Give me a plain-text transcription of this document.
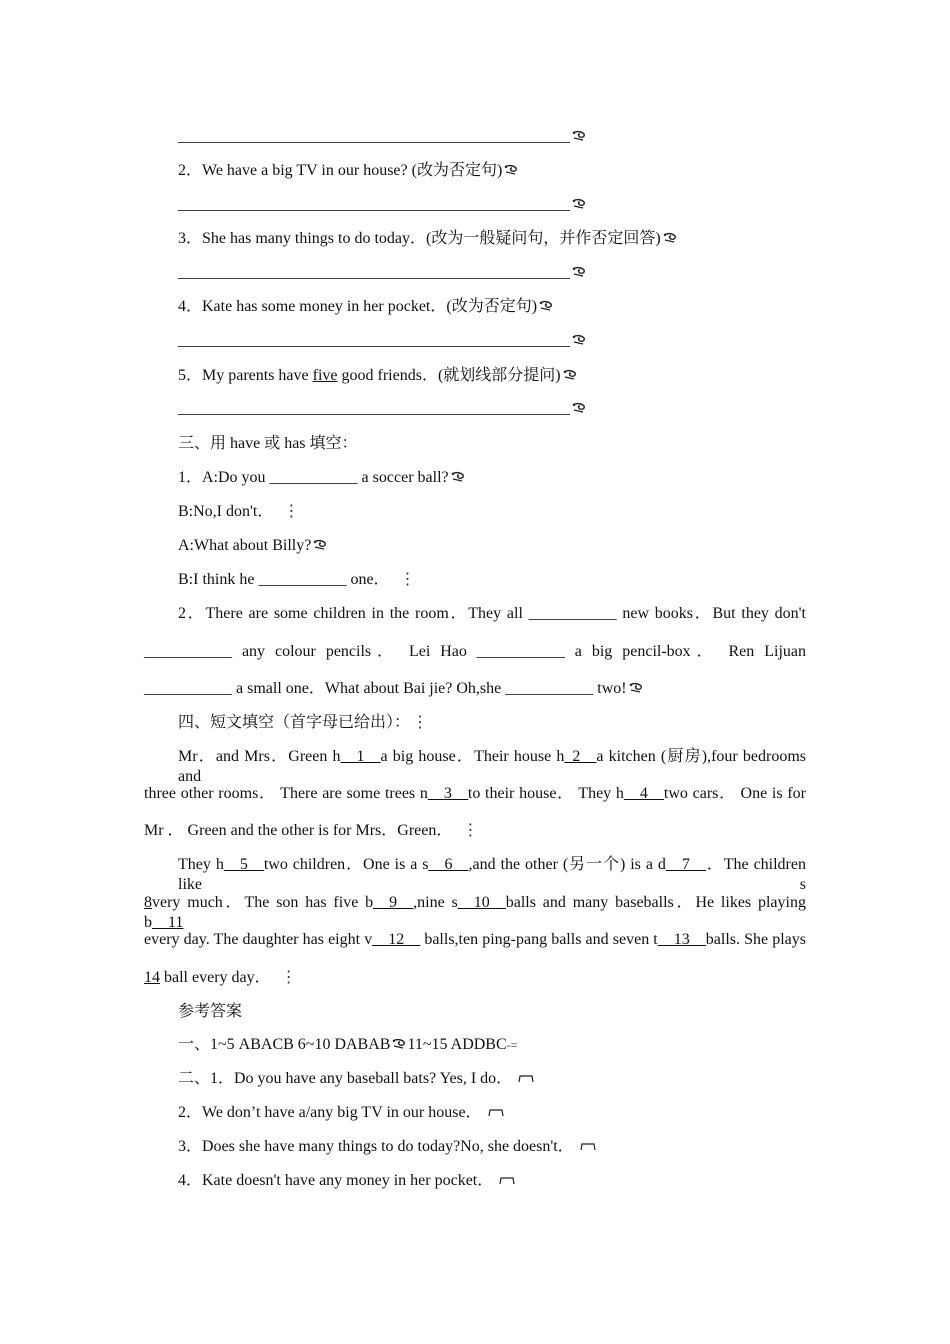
_________________________________________________
2．We have a big TV in our house? (改为否定句)
_________________________________________________
3．She has many things to do today．(改为一般疑问句，并作否定回答)
_________________________________________________
4．Kate has some money in her pocket．(改为否定句)
_________________________________________________
5．My parents have five good friends．(就划线部分提问)
_________________________________________________
三、用 have 或 has 填空：
1．A:Do you ___________ a soccer ball?
B:No,I don't． ⋮
A:What about Billy?
B:I think he ___________ one． ⋮
2．There are some children in the room．They all ___________ new books．But they don't
___________ any colour pencils． Lei Hao ___________ a big pencil-box． Ren Lijuan
___________ a small one．What about Bai jie? Oh,she ___________ two!
四、短文填空（首字母已给出）： ⋮
Mr．and Mrs．Green h__1__a big house．Their house h_2__a kitchen (厨房),four bedrooms and
three other rooms． There are some trees n__3__to their house． They h__4__two cars． One is for
Mr ． Green and the other is for Mrs．Green． ⋮
They h__5__two children．One is a s__6__,and the other (另一个) is a d__7__．The children like s
8very much．The son has five b__9__,nine s__10__balls and many baseballs．He likes playing b__11
every day. The daughter has eight v__12__ balls,ten ping-pang balls and seven t__13__balls. She plays
14 ball every day． ⋮
参考答案
一、1~5 ABACB 6~10 DABAB 11~15 ADDBC-=
二、1．Do you have any baseball bats? Yes, I do．
2．We don’t have a/any big TV in our house．
3．Does she have many things to do today?No, she doesn't．
4．Kate doesn't have any money in her pocket．
